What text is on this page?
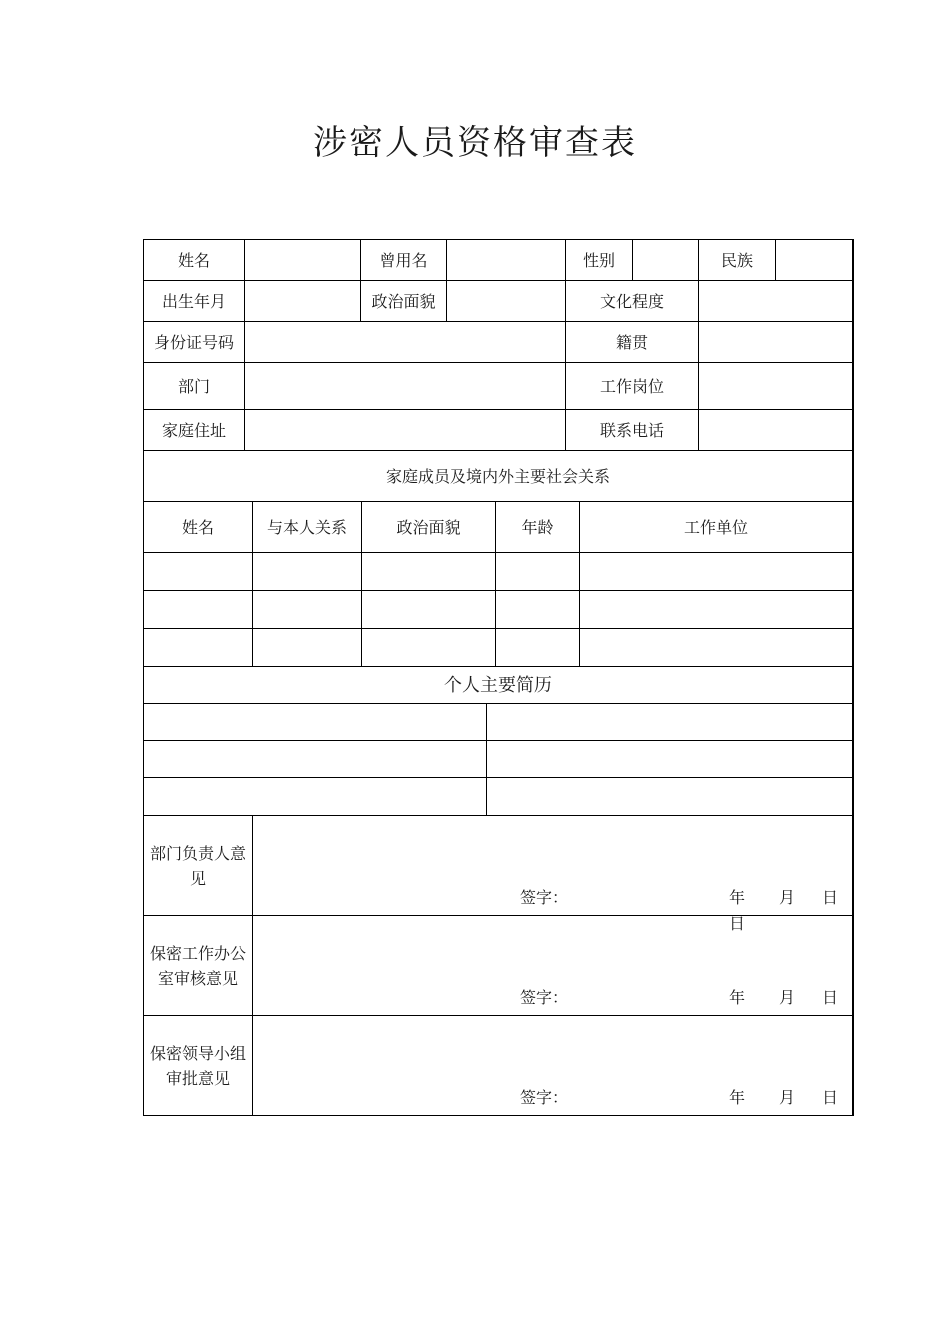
涉密人员资格审查表
姓名	曾用名	性别	民族
出生年月	政治面貌	文化程度
身份证号码	籍贯
部门	工作岗位
家庭住址	联系电话
家庭成员及境内外主要社会关系
姓名	与本人关系	政治面貌	年龄	工作单位
个人主要简历
部门负责人意见
签字：	年 月 日
保密工作办公室审核意见
日
签字：	年 月 日
保密领导小组审批意见
签字：	年 月 日
